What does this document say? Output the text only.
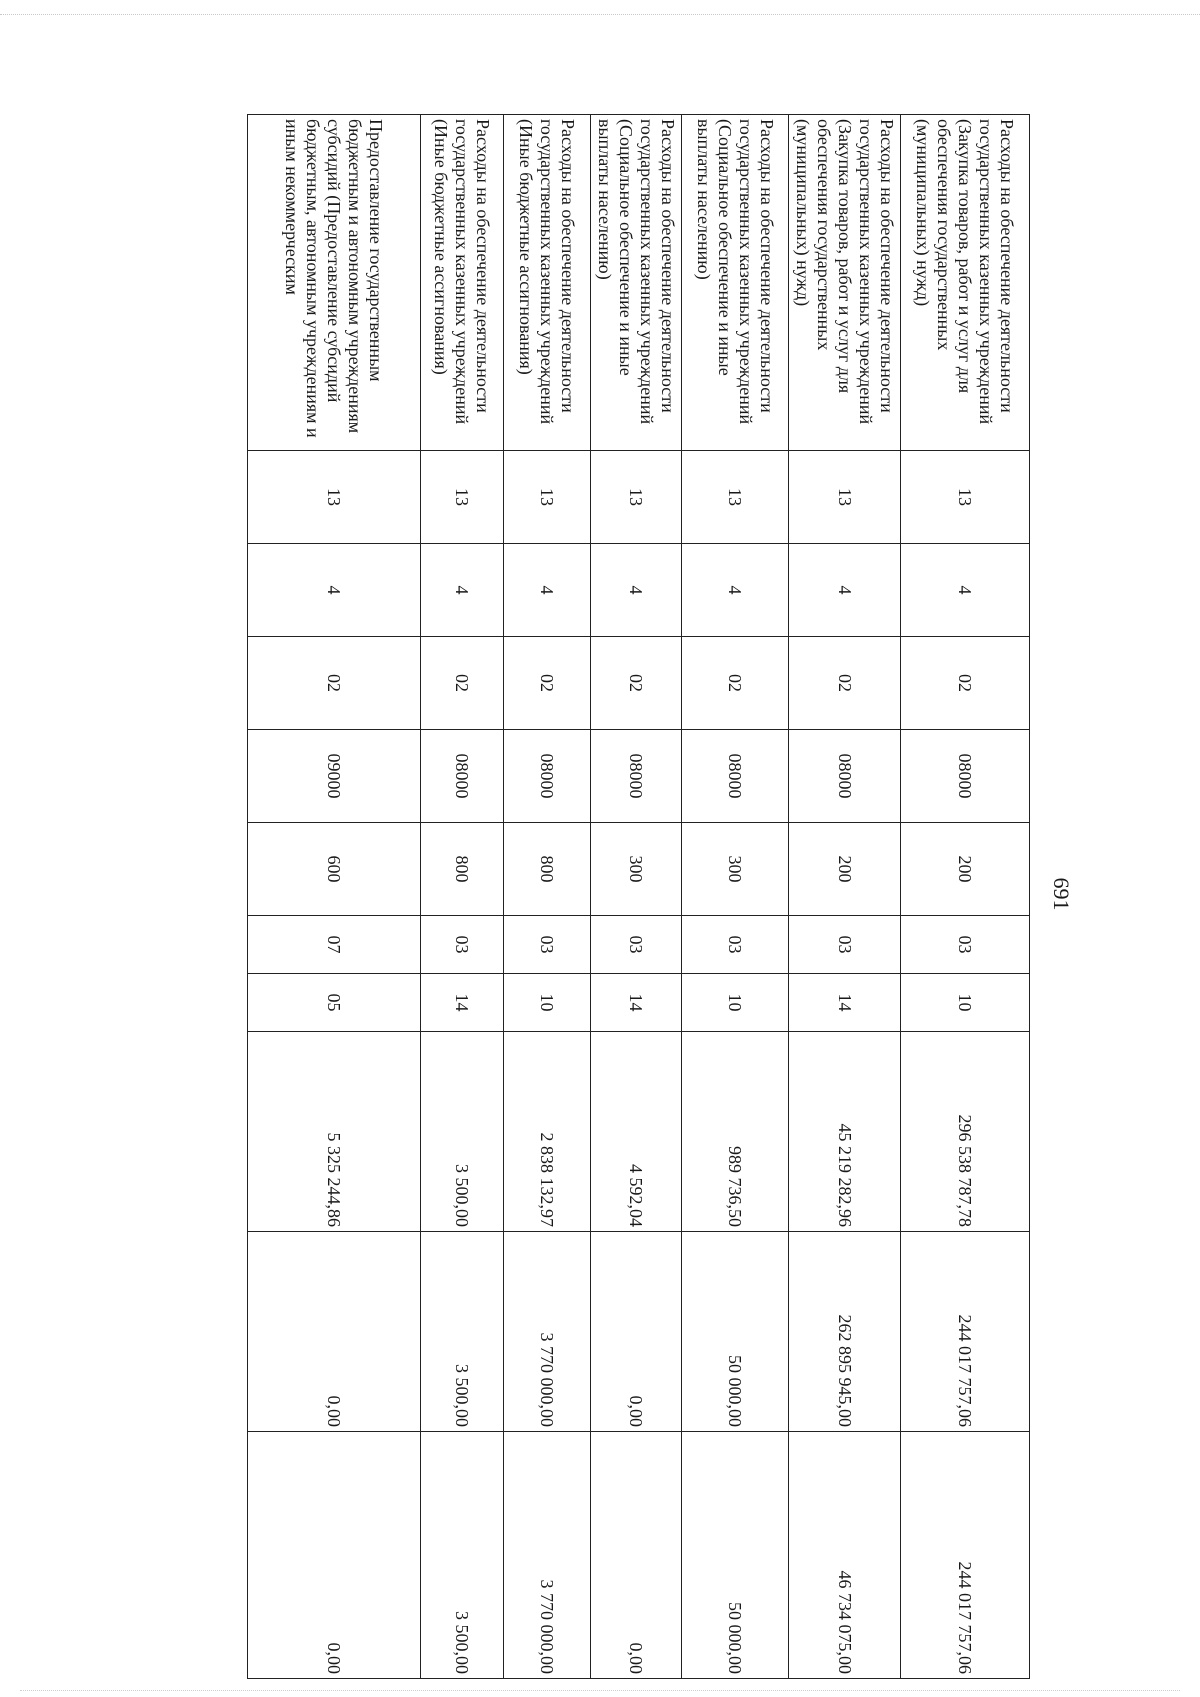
691
Расходы на обеспечение деятельности государственных казенных учреждений (Закупка товаров, работ и услуг для обеспечения государственных (муниципальных) нужд)	13	4	02	08000	200	03	10	296 538 787,78	244 017 757,06	244 017 757,06
Расходы на обеспечение деятельности государственных казенных учреждений (Закупка товаров, работ и услуг для обеспечения государственных (муниципальных) нужд)	13	4	02	08000	200	03	14	45 219 282,96	262 895 945,00	46 734 075,00
Расходы на обеспечение деятельности государственных казенных учреждений (Социальное обеспечение и иные выплаты населению)	13	4	02	08000	300	03	10	989 736,50	50 000,00	50 000,00
Расходы на обеспечение деятельности государственных казенных учреждений (Социальное обеспечение и иные выплаты населению)	13	4	02	08000	300	03	14	4 592,04	0,00	0,00
Расходы на обеспечение деятельности государственных казенных учреждений (Иные бюджетные ассигнования)	13	4	02	08000	800	03	10	2 838 132,97	3 770 000,00	3 770 000,00
Расходы на обеспечение деятельности государственных казенных учреждений (Иные бюджетные ассигнования)	13	4	02	08000	800	03	14	3 500,00	3 500,00	3 500,00
Предоставление государственным бюджетным и автономным учреждениям субсидий (Предоставление субсидий бюджетным, автономным учреждениям и иным некоммерческим	13	4	02	09000	600	07	05	5 325 244,86	0,00	0,00
